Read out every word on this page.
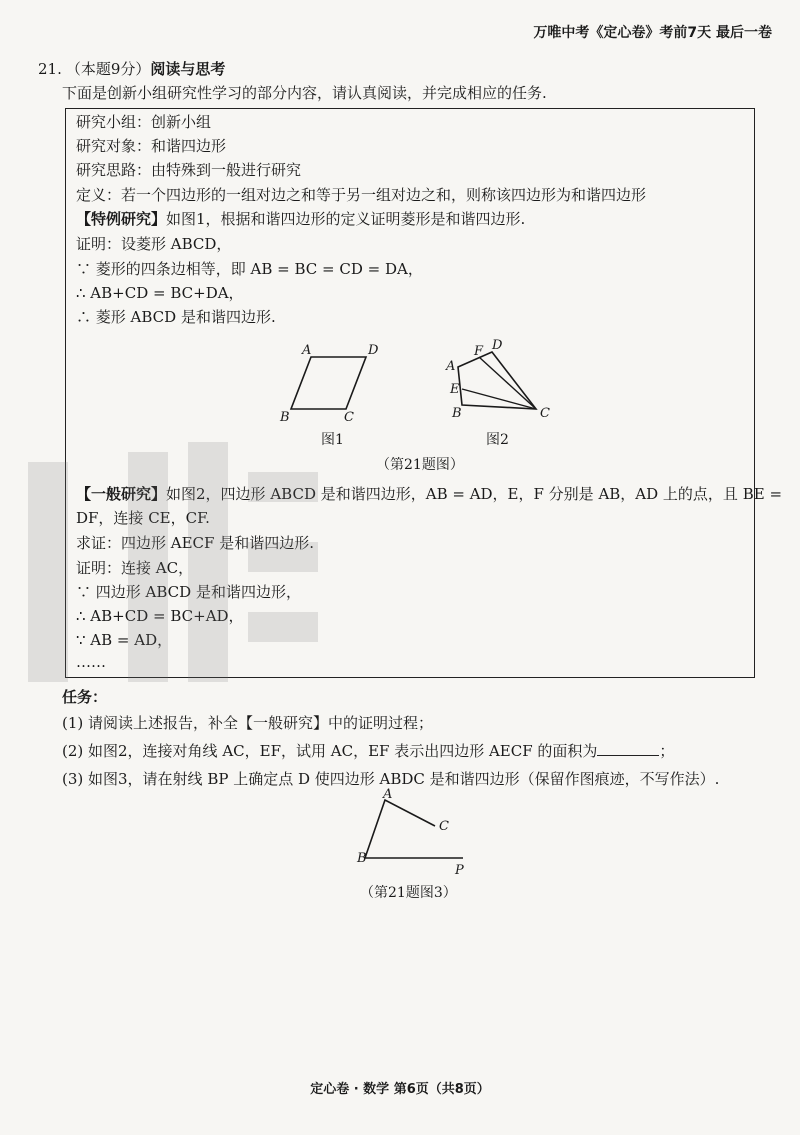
万唯中考《定心卷》考前7天 最后一卷
21. （本题9分）阅读与思考
下面是创新小组研究性学习的部分内容，请认真阅读，并完成相应的任务.
研究小组：创新小组
研究对象：和谐四边形
研究思路：由特殊到一般进行研究
定义：若一个四边形的一组对边之和等于另一组对边之和，则称该四边形为和谐四边形
【特例研究】如图1，根据和谐四边形的定义证明菱形是和谐四边形.
证明：设菱形 ABCD，
∵ 菱形的四条边相等，即 AB = BC = CD = DA，
∴ AB+CD = BC+DA，
∴ 菱形 ABCD 是和谐四边形.
A	D
B	C
图1
A
F D
E
B	C
图2
（第21题图）
【一般研究】如图2，四边形 ABCD 是和谐四边形，AB = AD，E，F 分别是 AB，AD 上的点，且 BE =
DF，连接 CE，CF.
求证：四边形 AECF 是和谐四边形.
证明：连接 AC，
∵ 四边形 ABCD 是和谐四边形，
∴ AB+CD = BC+AD，
∵ AB = AD，
……
任务：
(1) 请阅读上述报告，补全【一般研究】中的证明过程；
(2) 如图2，连接对角线 AC，EF，试用 AC，EF 表示出四边形 AECF 的面积为	；
(3) 如图3，请在射线 BP 上确定点 D 使四边形 ABDC 是和谐四边形（保留作图痕迹，不写作法）.
A
C
B
P
（第21题图3）
定心卷 · 数学 第6页（共8页）
